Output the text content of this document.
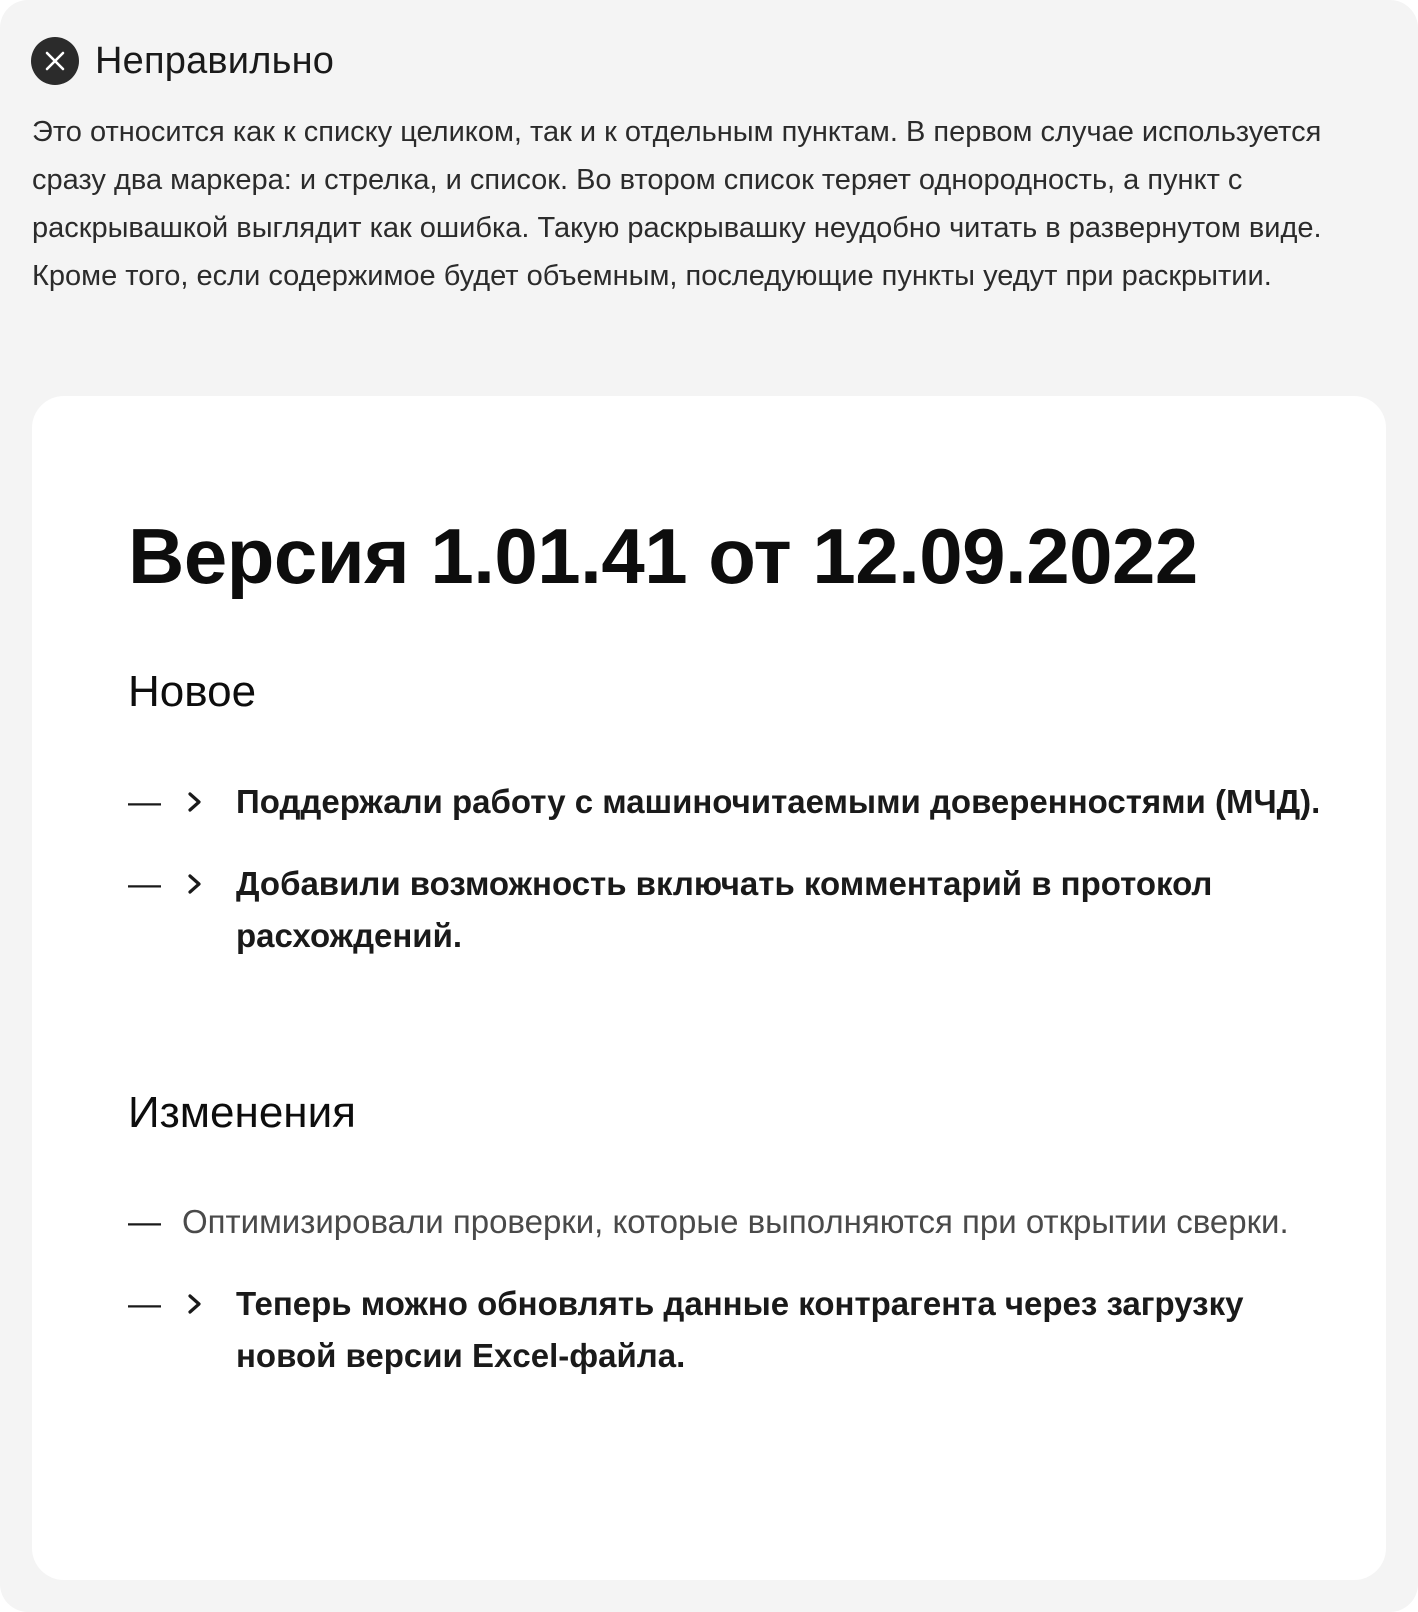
Неправильно

Это относится как к списку целиком, так и к отдельным пунктам. В первом случае используется сразу два маркера: и стрелка, и список. Во втором список теряет однородность, а пункт с раскрывашкой выглядит как ошибка. Такую раскрывашку неудобно читать в развернутом виде. Кроме того, если содержимое будет объемным, последующие пункты уедут при раскрытии.

Версия 1.01.41 от 12.09.2022
Новое
—	Поддержали работу с машиночитаемыми доверенностями (МЧД).
—	Добавили возможность включать комментарий в протокол расхождений.
Изменения
— Оптимизировали проверки, которые выполняются при открытии сверки.
—	Теперь можно обновлять данные контрагента через загрузку новой версии Excel-файла.
